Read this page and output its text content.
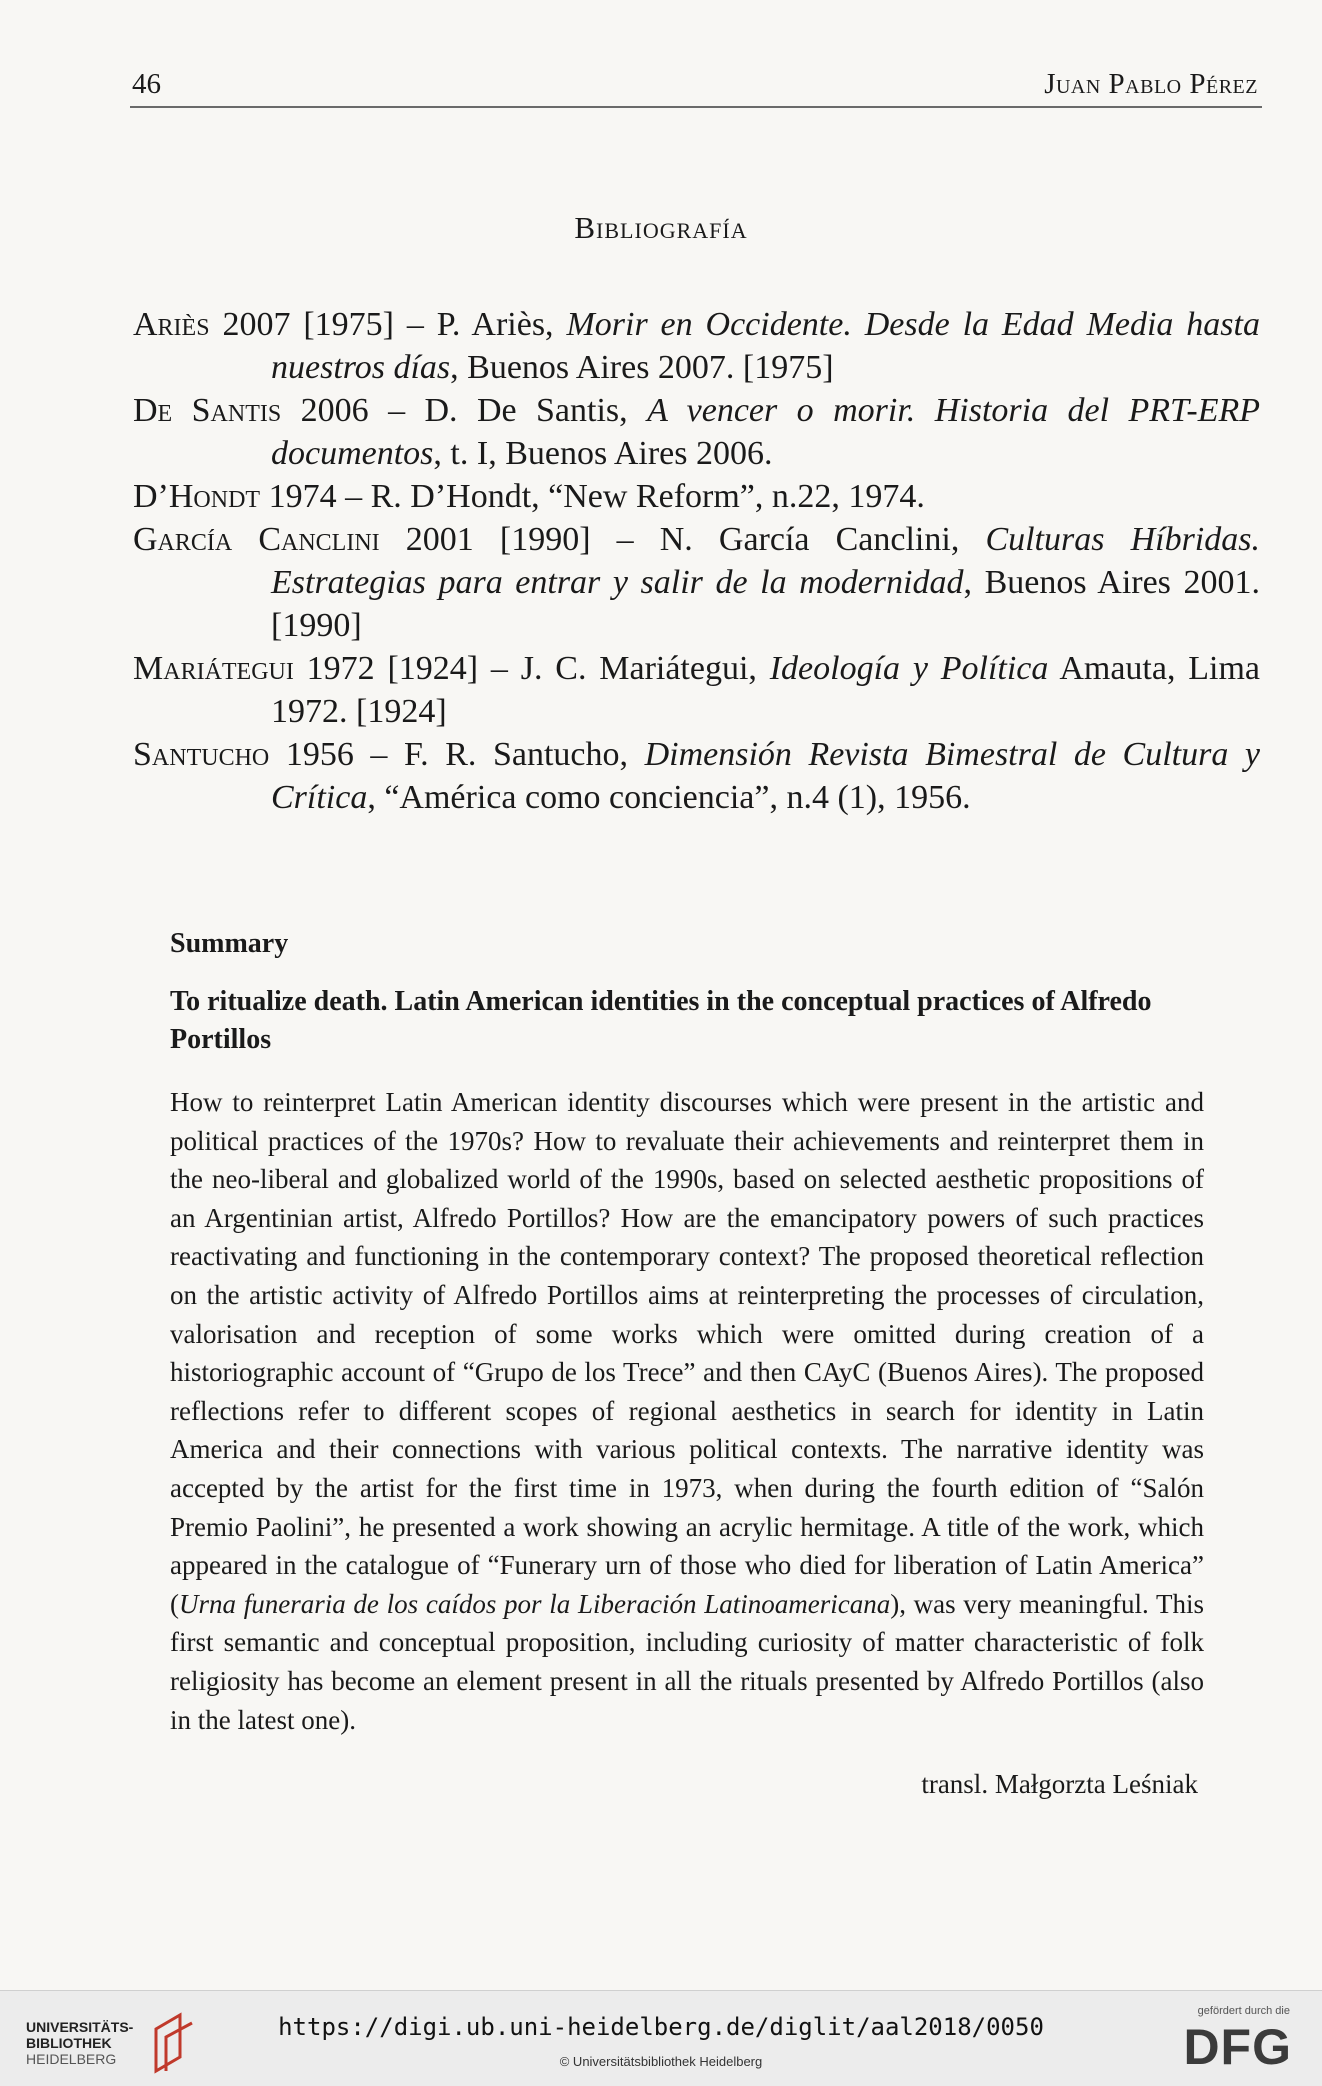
46	Juan Pablo Pérez
Bibliografía

Ariès 2007 [1975] – P. Ariès, Morir en Occidente. Desde la Edad Media hasta nuestros días, Buenos Aires 2007. [1975]

De Santis 2006 – D. De Santis, A vencer o morir. Historia del PRT-ERP documentos, t. I, Buenos Aires 2006.

D’Hondt 1974 – R. D’Hondt, “New Reform”, n.22, 1974.

García Canclini 2001 [1990] – N. García Canclini, Culturas Híbridas. Estrategias para entrar y salir de la modernidad, Buenos Aires 2001. [1990]

Mariátegui 1972 [1924] – J. C. Mariátegui, Ideología y Política Amauta, Lima 1972. [1924]

Santucho 1956 – F. R. Santucho, Dimensión Revista Bimestral de Cultura y Crítica, “América como conciencia”, n.4 (1), 1956.

Summary
To ritualize death. Latin American identities in the conceptual practices of Alfredo Portillos

How to reinterpret Latin American identity discourses which were present in the artistic and political practices of the 1970s? How to revaluate their achievements and reinterpret them in the neo-liberal and globalized world of the 1990s, based on selected aesthetic propositions of an Argentinian artist, Alfredo Portillos? How are the emancipatory powers of such practices reactivating and functioning in the contemporary context? The proposed theoretical reflection on the artistic activity of Alfredo Portillos aims at reinterpreting the processes of circulation, valorisation and reception of some works which were omitted during creation of a historiographic account of “Grupo de los Trece” and then CAyC (Buenos Aires). The proposed reflections refer to different scopes of regional aesthetics in search for identity in Latin America and their connections with various political contexts. The narrative identity was accepted by the artist for the first time in 1973, when during the fourth edition of “Salón Premio Paolini”, he presented a work showing an acrylic hermitage. A title of the work, which appeared in the catalogue of “Funerary urn of those who died for liberation of Latin America” (Urna funeraria de los caídos por la Liberación Latinoamericana), was very meaningful. This first semantic and conceptual proposition, including curiosity of matter characteristic of folk religiosity has become an element present in all the rituals presented by Alfredo Portillos (also in the latest one).

transl. Małgorzta Leśniak
UNIVERSITÄTS-
BIBLIOTHEK
HEIDELBERG
https://digi.ub.uni-heidelberg.de/diglit/aal2018/0050
© Universitätsbibliothek Heidelberg
gefördert durch die
DFG
